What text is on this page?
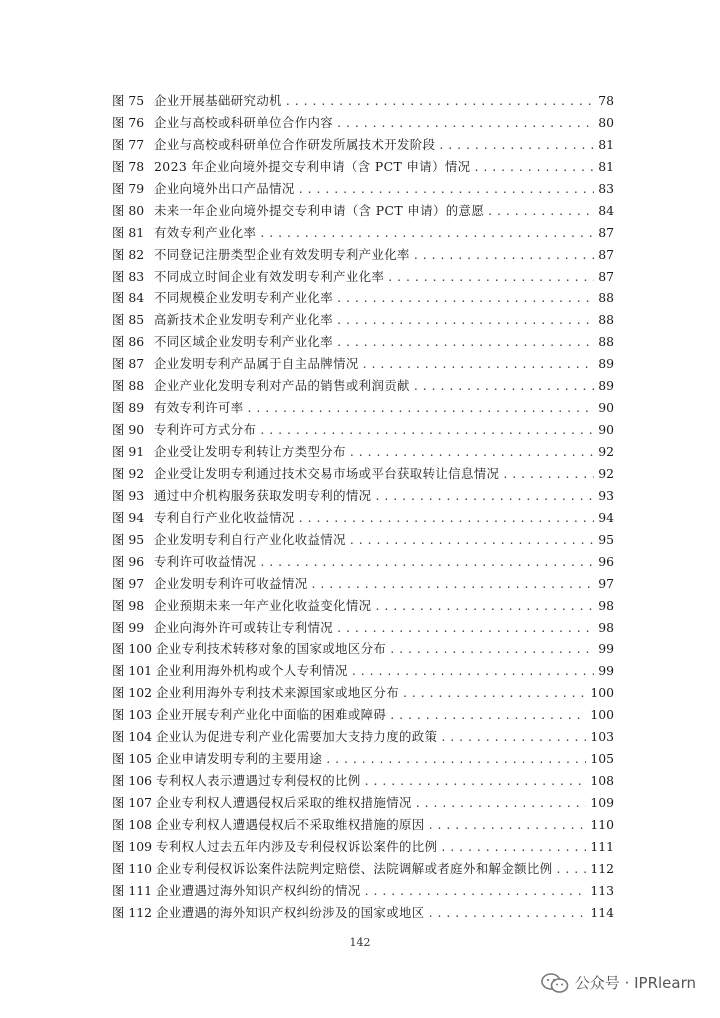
图 75 企业开展基础研究动机 . . .	78
图 76 企业与高校或科研单位合作内容 . . .	80
图 77 企业与高校或科研单位合作研发所属技术开发阶段 . . .	81
图 78 2023 年企业向境外提交专利申请（含 PCT 申请）情况 . . .	81
图 79 企业向境外出口产品情况 . . .	83
图 80 未来一年企业向境外提交专利申请（含 PCT 申请）的意愿 . . .	84
图 81 有效专利产业化率 . . .	87
图 82 不同登记注册类型企业有效发明专利产业化率 . . .	87
图 83 不同成立时间企业有效发明专利产业化率 . . .	87
图 84 不同规模企业发明专利产业化率 . . .	88
图 85 高新技术企业发明专利产业化率 . . .	88
图 86 不同区域企业发明专利产业化率 . . .	88
图 87 企业发明专利产品属于自主品牌情况 . . .	89
图 88 企业产业化发明专利对产品的销售或利润贡献 . . .	89
图 89 有效专利许可率 . . .	90
图 90 专利许可方式分布 . . .	90
图 91 企业受让发明专利转让方类型分布 . . .	92
图 92 企业受让发明专利通过技术交易市场或平台获取转让信息情况 . . .	92
图 93 通过中介机构服务获取发明专利的情况 . . .	93
图 94 专利自行产业化收益情况 . . .	94
图 95 企业发明专利自行产业化收益情况 . . .	95
图 96 专利许可收益情况 . . .	96
图 97 企业发明专利许可收益情况 . . .	97
图 98 企业预期未来一年产业化收益变化情况 . . .	98
图 99 企业向海外许可或转让专利情况 . . .	98
图 100 企业专利技术转移对象的国家或地区分布 . . .	99
图 101 企业利用海外机构或个人专利情况 . . .	99
图 102 企业利用海外专利技术来源国家或地区分布 . . .	100
图 103 企业开展专利产业化中面临的困难或障碍 . . .	100
图 104 企业认为促进专利产业化需要加大支持力度的政策 . . .	103
图 105 企业申请发明专利的主要用途 . . .	105
图 106 专利权人表示遭遇过专利侵权的比例 . . .	108
图 107 企业专利权人遭遇侵权后采取的维权措施情况 . . .	109
图 108 企业专利权人遭遇侵权后不采取维权措施的原因 . . .	110
图 109 专利权人过去五年内涉及专利侵权诉讼案件的比例 . . .	111
图 110 企业专利侵权诉讼案件法院判定赔偿、法院调解或者庭外和解金额比例 . . .	112
图 111 企业遭遇过海外知识产权纠纷的情况 . . .	113
图 112 企业遭遇的海外知识产权纠纷涉及的国家或地区 . . .	114
142
公众号 · IPRlearn
